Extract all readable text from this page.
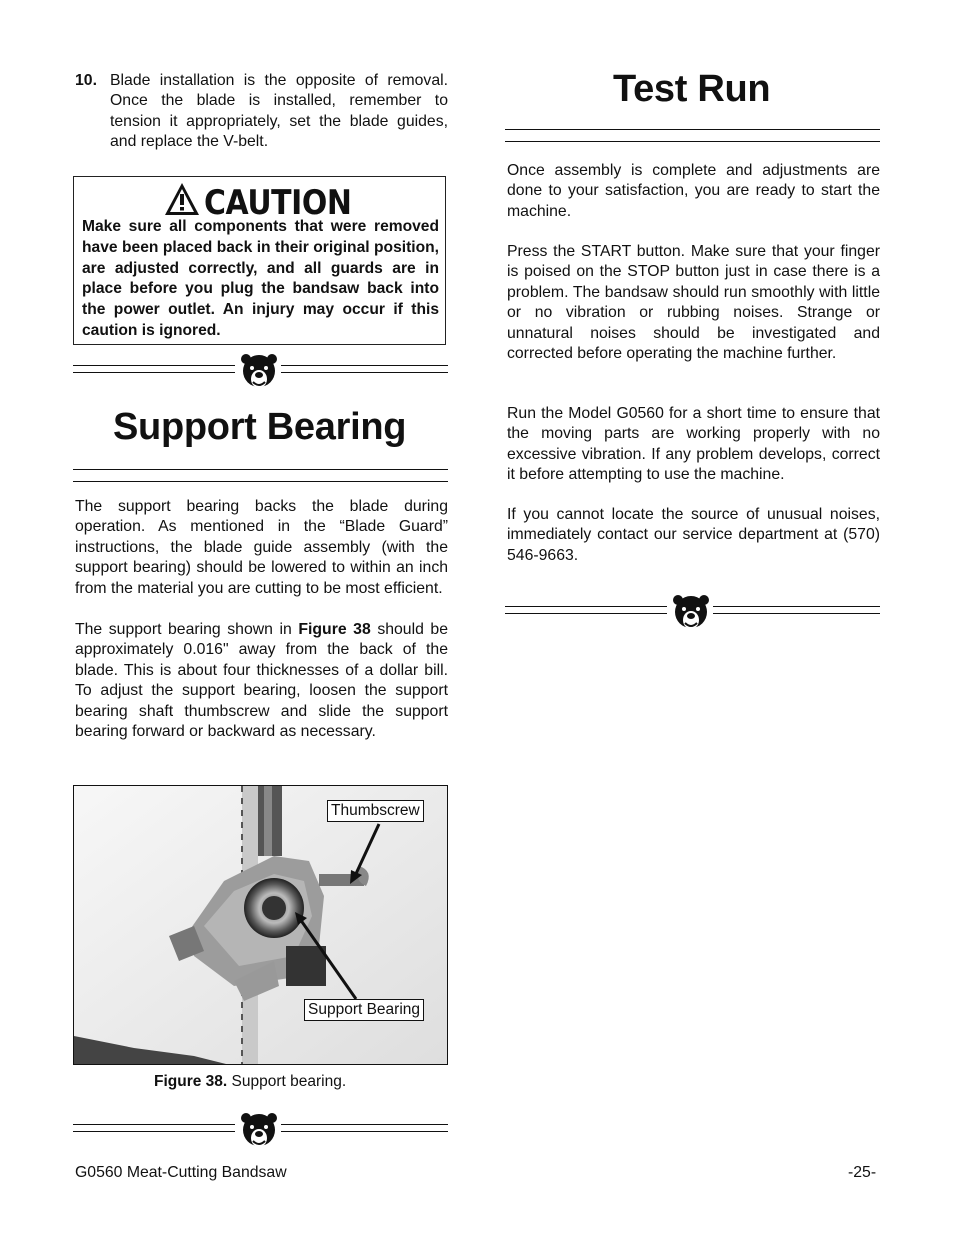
10. Blade installation is the opposite of removal. Once the blade is installed, remember to tension it appropriately, set the blade guides, and replace the V-belt.
CAUTION
Make sure all components that were removed have been placed back in their original position, are adjusted correctly, and all guards are in place before you plug the bandsaw back into the power outlet. An injury may occur if this caution is ignored.
Support Bearing
The support bearing backs the blade during operation. As mentioned in the “Blade Guard” instructions, the blade guide assembly (with the support bearing) should be lowered to within an inch from the material you are cutting to be most efficient.
The support bearing shown in Figure 38 should be approximately 0.016" away from the back of the blade. This is about four thicknesses of a dollar bill. To adjust the support bearing, loosen the support bearing shaft thumbscrew and slide the support bearing forward or backward as necessary.
Thumbscrew
Support Bearing
Figure 38. Support bearing.
Test Run
Once assembly is complete and adjustments are done to your satisfaction, you are ready to start the machine.
Press the START button. Make sure that your finger is poised on the STOP button just in case there is a problem. The bandsaw should run smoothly with little or no vibration or rubbing noises. Strange or unnatural noises should be investigated and corrected before operating the machine further.
Run the Model G0560 for a short time to ensure that the moving parts are working properly with no excessive vibration. If any problem develops, correct it before attempting to use the machine.
If you cannot locate the source of unusual noises, immediately contact our service department at (570) 546-9663.
G0560 Meat-Cutting Bandsaw	-25-
